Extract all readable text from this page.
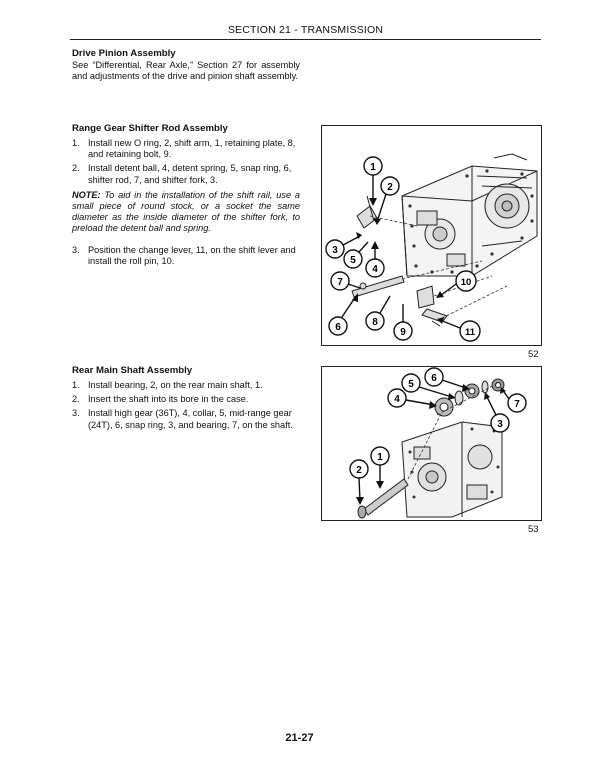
SECTION 21 - TRANSMISSION
Drive Pinion Assembly

See “Differential, Rear Axle,” Section 27 for assembly and adjustments of the drive and pinion shaft assembly.

Range Gear Shifter Rod Assembly
1. Install new O ring, 2, shift arm, 1, retaining plate, 8, and retaining bolt, 9.
2. Install detent ball, 4, detent spring, 5, snap ring, 6, shifter rod, 7, and shifter fork, 3.

NOTE: To aid in the installation of the shift rail, use a small piece of round stock, or a socket the same diameter as the inside diameter of the shifter fork, to preload the detent ball and spring.

3. Position the change lever, 11, on the shift lever and install the roll pin, 10.
Rear Main Shaft Assembly
1. Install bearing, 2, on the rear main shaft, 1.
2. Insert the shaft into its bore in the case.
3. Install high gear (36T), 4, collar, 5, mid-range gear (24T), 6, snap ring, 3, and bearing, 7, on the shaft.
1
2
3
5
4
7	10
8
6	9	11
52
5
6
4	7
3
1
2
53
21-27
